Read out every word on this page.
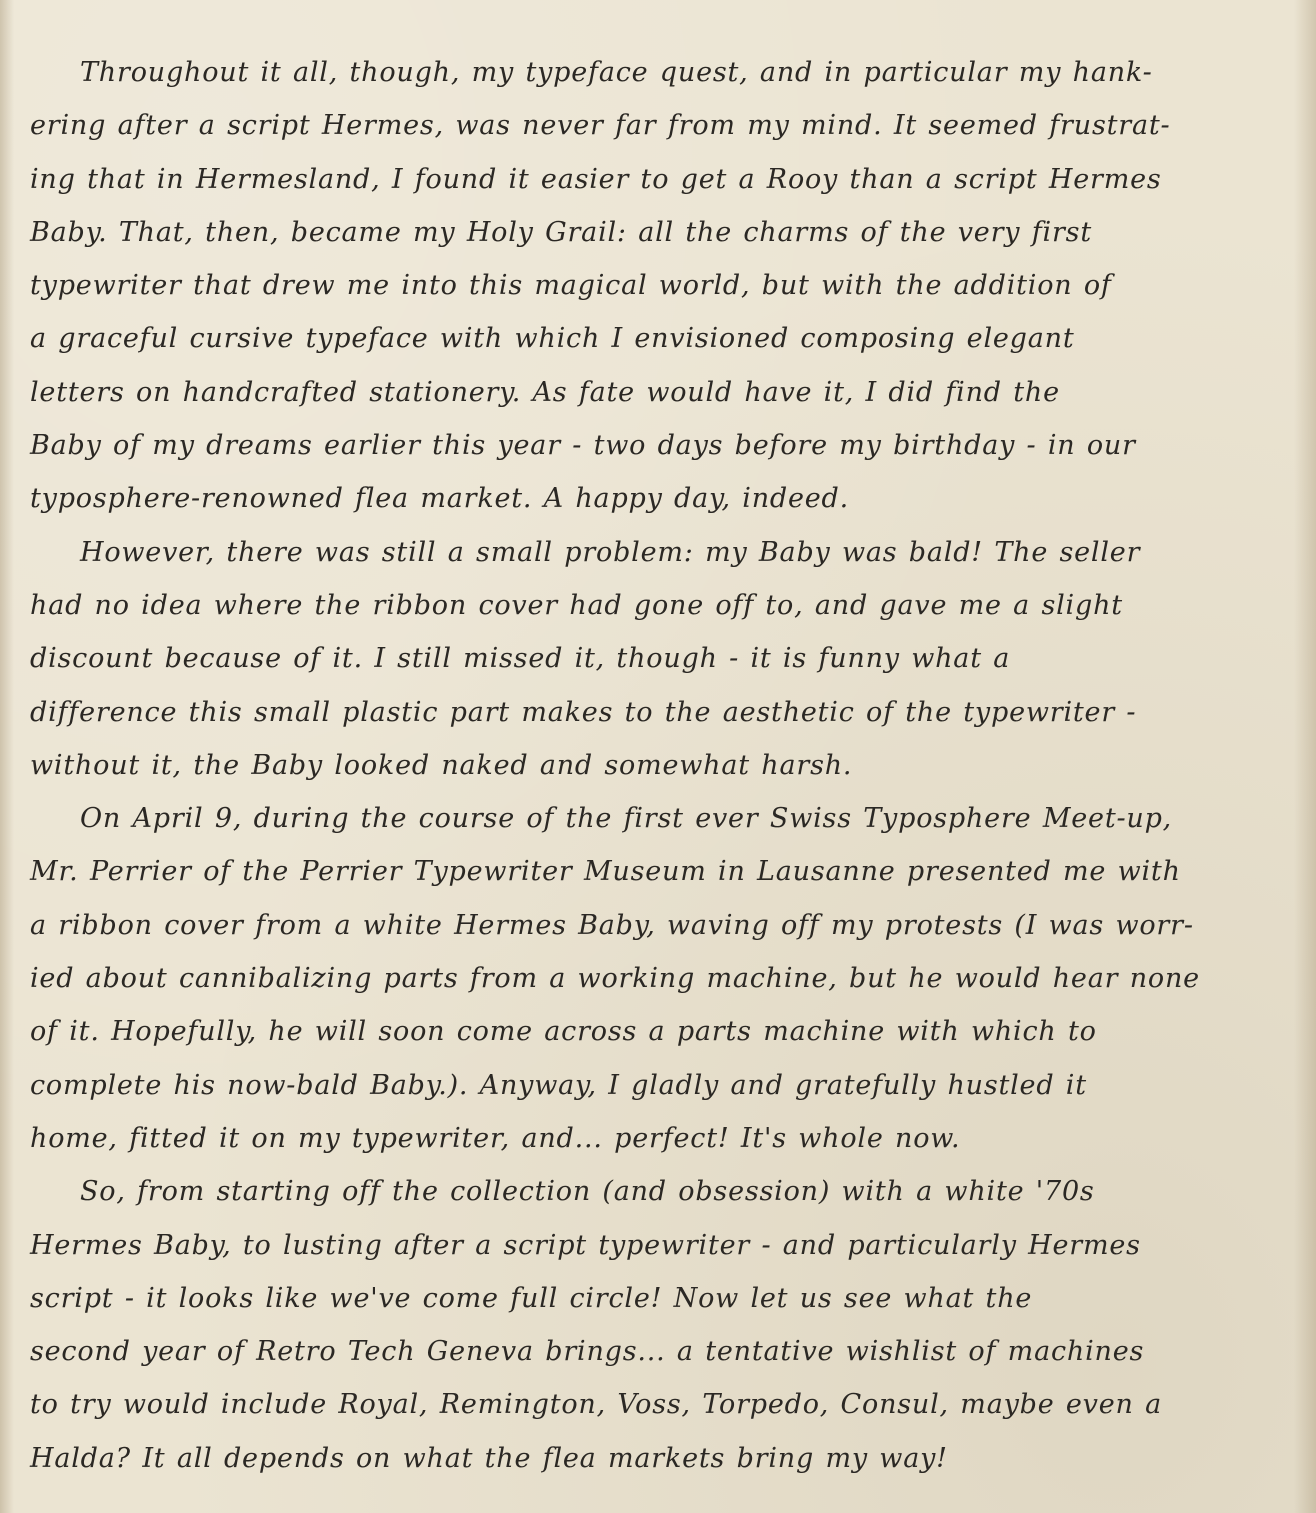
Throughout it all, though, my typeface quest, and in particular my hank-
ering after a script Hermes, was never far from my mind. It seemed frustrat-
ing that in Hermesland, I found it easier to get a Rooy than a script Hermes
Baby. That, then, became my Holy Grail: all the charms of the very first
typewriter that drew me into this magical world, but with the addition of
a graceful cursive typeface with which I envisioned composing elegant
letters on handcrafted stationery. As fate would have it, I did find the
Baby of my dreams earlier this year - two days before my birthday - in our
typosphere-renowned flea market. A happy day, indeed.
However, there was still a small problem: my Baby was bald! The seller
had no idea where the ribbon cover had gone off to, and gave me a slight
discount because of it. I still missed it, though - it is funny what a
difference this small plastic part makes to the aesthetic of the typewriter -
without it, the Baby looked naked and somewhat harsh.
On April 9, during the course of the first ever Swiss Typosphere Meet-up,
Mr. Perrier of the Perrier Typewriter Museum in Lausanne presented me with
a ribbon cover from a white Hermes Baby, waving off my protests (I was worr-
ied about cannibalizing parts from a working machine, but he would hear none
of it. Hopefully, he will soon come across a parts machine with which to
complete his now-bald Baby.). Anyway, I gladly and gratefully hustled it
home, fitted it on my typewriter, and... perfect! It's whole now.
So, from starting off the collection (and obsession) with a white '70s
Hermes Baby, to lusting after a script typewriter - and particularly Hermes
script - it looks like we've come full circle! Now let us see what the
second year of Retro Tech Geneva brings... a tentative wishlist of machines
to try would include Royal, Remington, Voss, Torpedo, Consul, maybe even a
Halda? It all depends on what the flea markets bring my way!
